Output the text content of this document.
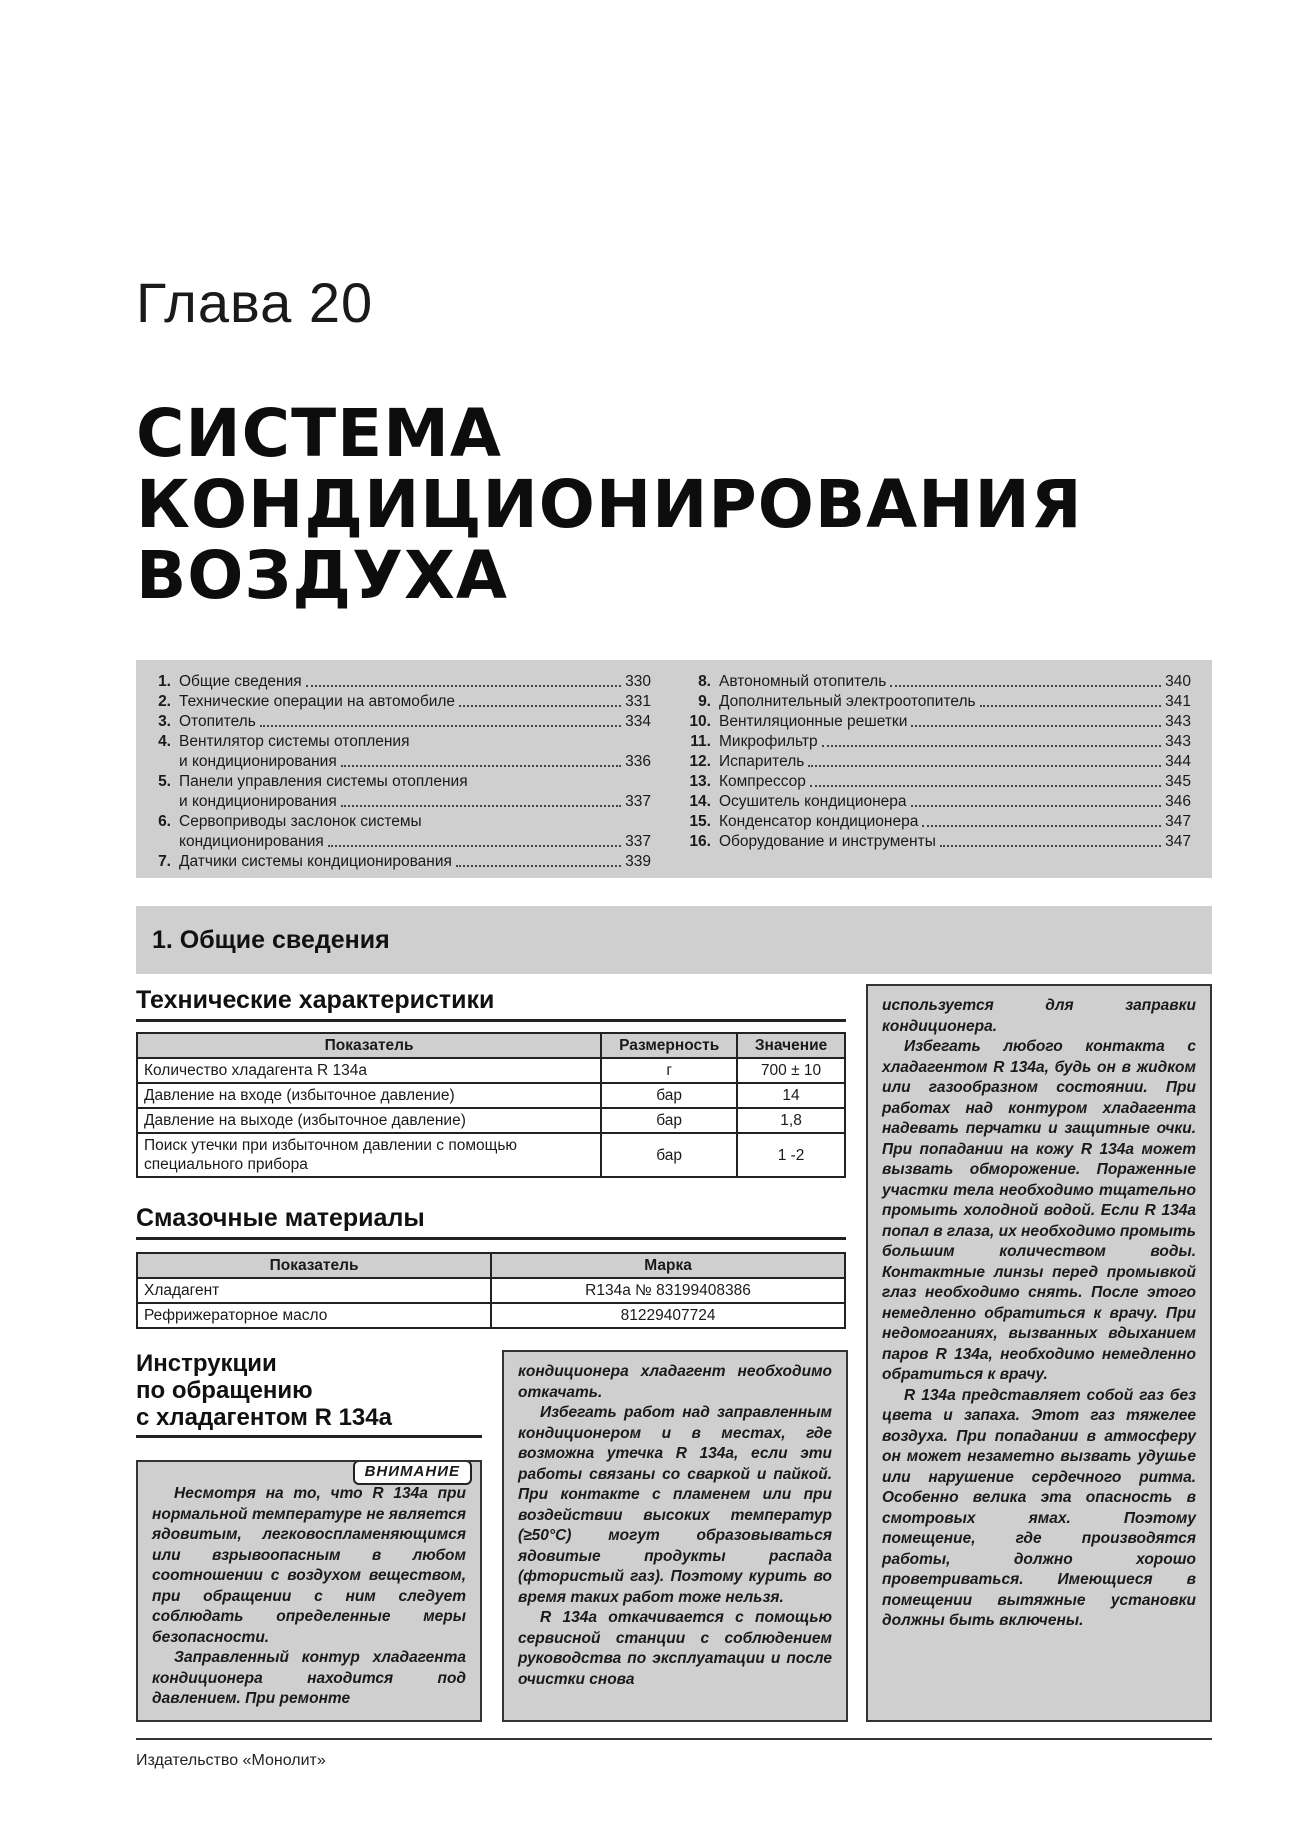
Глава 20
СИСТЕМА
КОНДИЦИОНИРОВАНИЯ
ВОЗДУХА
1. Общие сведения	330
2. Технические операции на автомобиле	331
3. Отопитель	334
4. Вентилятор системы отопления
и кондиционирования	336
5. Панели управления системы отопления
и кондиционирования	337
6. Сервоприводы заслонок системы
кондиционирования	337
7. Датчики системы кондиционирования	339
8. Автономный отопитель	340
9. Дополнительный электроотопитель	341
10. Вентиляционные решетки	343
11. Микрофильтр	343
12. Испаритель	344
13. Компрессор	345
14. Осушитель кондиционера	346
15. Конденсатор кондиционера	347
16. Оборудование и инструменты	347
1. Общие сведения
Технические характеристики
Показатель	Размерность	Значение
Количество хладагента R 134a	г	700 ± 10
Давление на входе (избыточное давление)	бар	14
Давление на выходе (избыточное давление)	бар	1,8
Поиск утечки при избыточном давлении с помощью специального прибора	бар	1 -2
Смазочные материалы
Показатель	Марка
Хладагент	R134a № 83199408386
Рефрижераторное масло	81229407724
Инструкции
по обращению
с хладагентом R 134a
ВНИМАНИЕ

Несмотря на то, что R 134a при нормальной температуре не является ядовитым, легковоспламеняющимся или взрывоопасным в любом соотношении с воздухом веществом, при обращении с ним следует соблюдать определенные меры безопасности.

Заправленный контур хладагента кондиционера находится под давлением. При ремонте

кондиционера хладагент необходимо откачать.

Избегать работ над заправленным кондиционером и в местах, где возможна утечка R 134a, если эти работы связаны со сваркой и пайкой. При контакте с пламенем или при воздействии высоких температур (≥50°С) могут образовываться ядовитые продукты распада (фтористый газ). Поэтому курить во время таких работ тоже нельзя.

R 134a откачивается с помощью сервисной станции с соблюдением руководства по эксплуатации и после очистки снова

используется для заправки кондиционера.

Избегать любого контакта с хладагентом R 134a, будь он в жидком или газообразном состоянии. При работах над контуром хладагента надевать перчатки и защитные очки. При попадании на кожу R 134a может вызвать обморожение. Пораженные участки тела необходимо тщательно промыть холодной водой. Если R 134a попал в глаза, их необходимо промыть большим количеством воды. Контактные линзы перед промывкой глаз необходимо снять. После этого немедленно обратиться к врачу. При недомоганиях, вызванных вдыханием паров R 134a, необходимо немедленно обратиться к врачу.

R 134a представляет собой газ без цвета и запаха. Этот газ тяжелее воздуха. При попадании в атмосферу он может незаметно вызвать удушье или нарушение сердечного ритма. Особенно велика эта опасность в смотровых ямах. Поэтому помещение, где производятся работы, должно хорошо проветриваться. Имеющиеся в помещении вытяжные установки должны быть включены.

Издательство «Монолит»
